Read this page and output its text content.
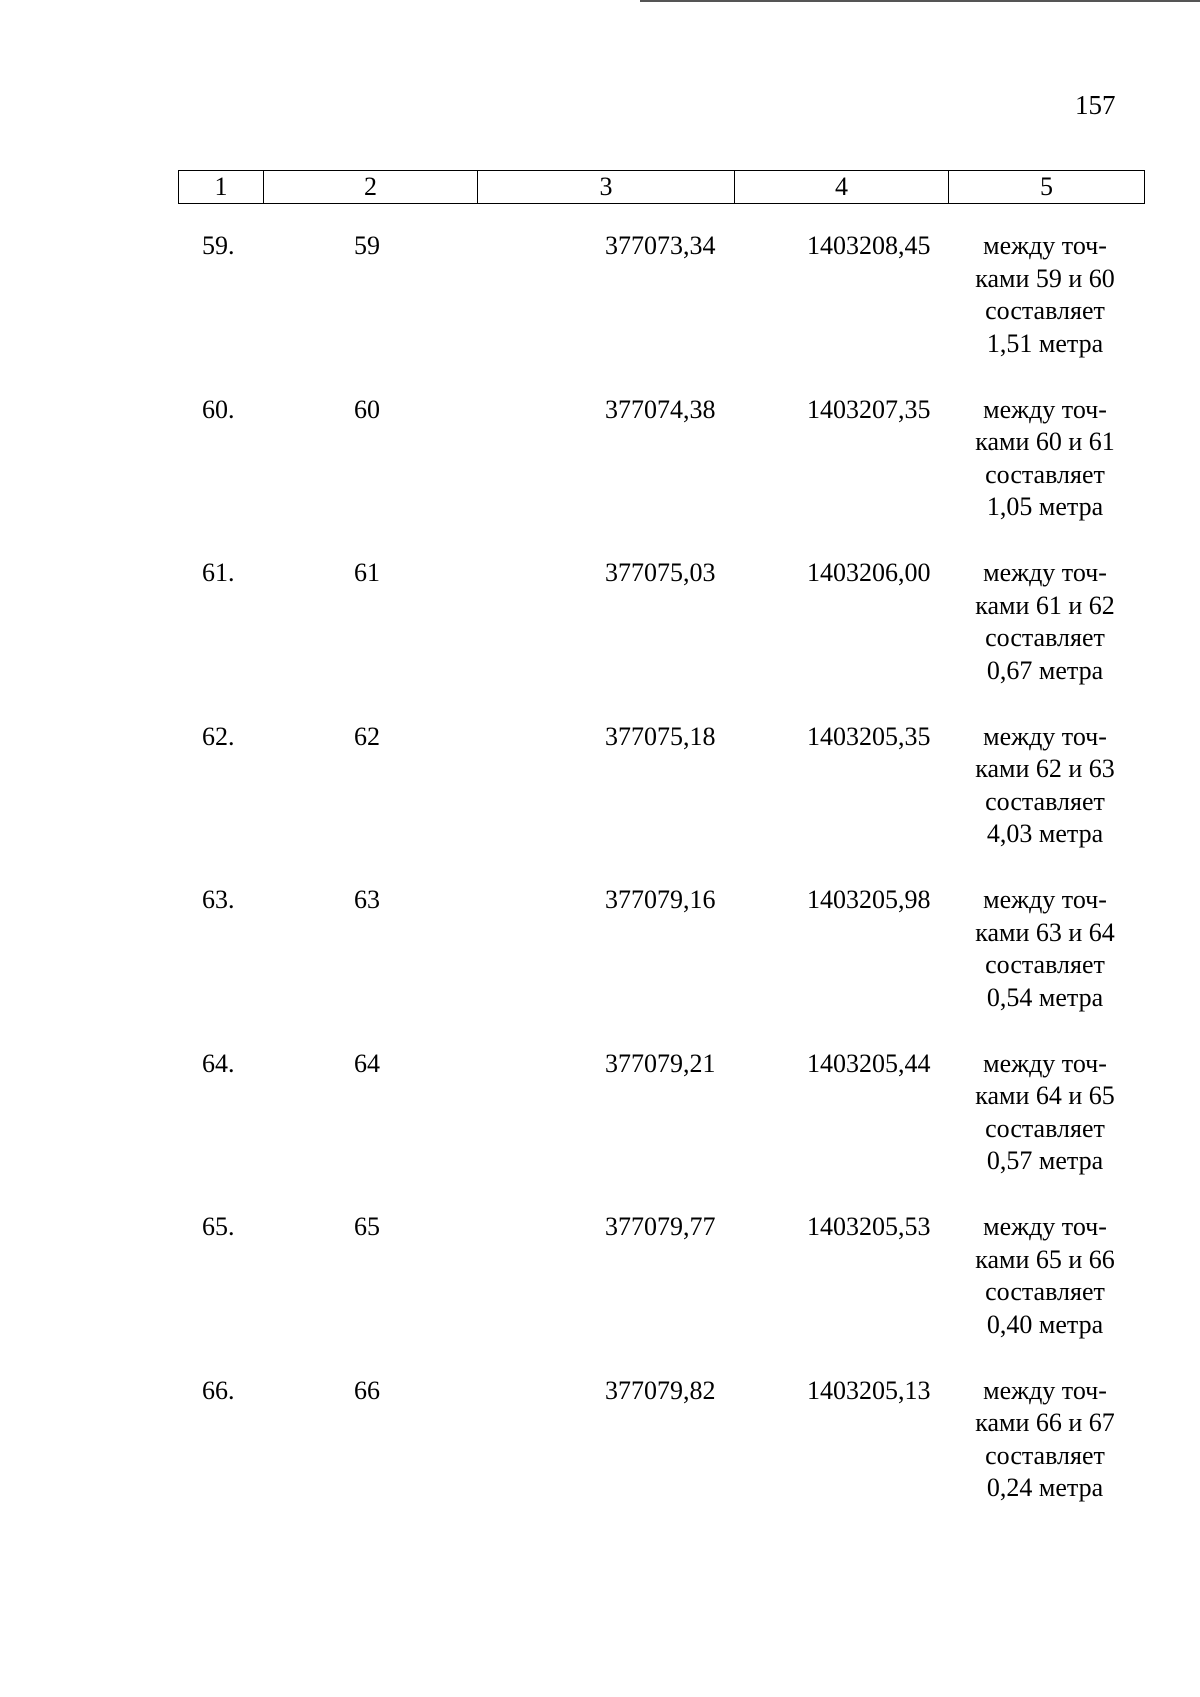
157
1	2	3	4	5
59.	59	377073,34	1403208,45	между точ-
ками 59 и 60
составляет
1,51 метра
60.	60	377074,38	1403207,35	между точ-
ками 60 и 61
составляет
1,05 метра
61.	61	377075,03	1403206,00	между точ-
ками 61 и 62
составляет
0,67 метра
62.	62	377075,18	1403205,35	между точ-
ками 62 и 63
составляет
4,03 метра
63.	63	377079,16	1403205,98	между точ-
ками 63 и 64
составляет
0,54 метра
64.	64	377079,21	1403205,44	между точ-
ками 64 и 65
составляет
0,57 метра
65.	65	377079,77	1403205,53	между точ-
ками 65 и 66
составляет
0,40 метра
66.	66	377079,82	1403205,13	между точ-
ками 66 и 67
составляет
0,24 метра
